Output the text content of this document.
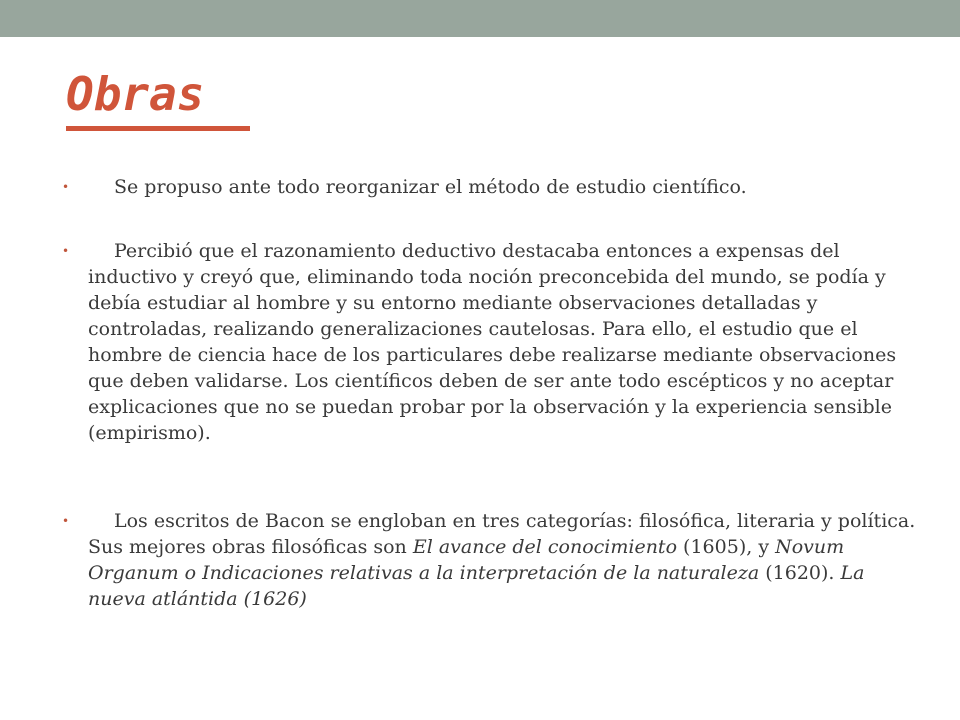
Obras
•	Se propuso ante todo reorganizar el método de estudio científico.
•	Percibió que el razonamiento deductivo destacaba entonces a expensas del inductivo y creyó que, eliminando toda noción preconcebida del mundo, se podía y debía estudiar al hombre y su entorno mediante observaciones detalladas y controladas, realizando generalizaciones cautelosas. Para ello, el estudio que el hombre de ciencia hace de los particulares debe realizarse mediante observaciones que deben validarse. Los científicos deben de ser ante todo escépticos y no aceptar explicaciones que no se puedan probar por la observación y la experiencia sensible (empirismo).
•	Los escritos de Bacon se engloban en tres categorías: filosófica, literaria y política. Sus mejores obras filosóficas son El avance del conocimiento (1605), y Novum Organum o Indicaciones relativas a la interpretación de la naturaleza (1620). La nueva atlántida (1626)
